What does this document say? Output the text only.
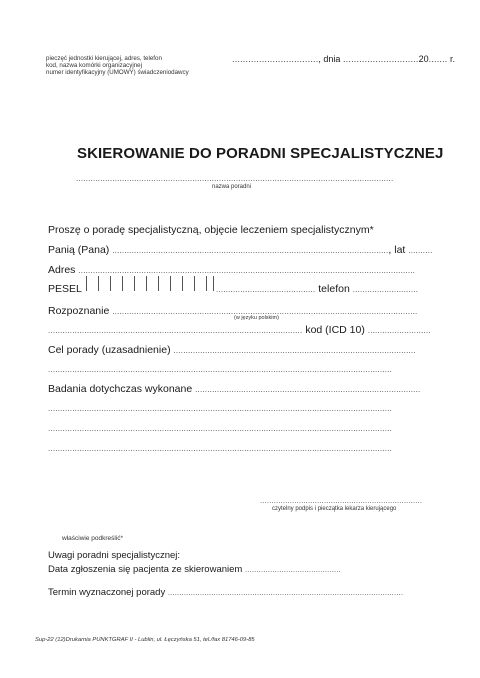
pieczęć jednostki kierującej, adres, telefon
kod, nazwa komórki organizacyjnej
numer identyfikacyjny (UMOWY) świadczeniodawcy
................................, dnia ............................20....... r.
SKIEROWANIE DO PORADNI SPECJALISTYCZNEJ
...................................................................................................................................
nazwa poradni
Proszę o poradę specjalistyczną, objęcie leczeniem specjalistycznym*
Panią (Pana) .................................................................................................................., lat ..........
Adres ...........................................................................................................................................
PESEL	......................................... telefon ...........................
Rozpoznanie ..............................................................................................................................
(w języku polskim)
......................................................................................................... kod (ICD 10) ..........................
Cel porady (uzasadnienie) ....................................................................................................
..............................................................................................................................................
Badania dotychczas wykonane .............................................................................................
..............................................................................................................................................
..............................................................................................................................................
..............................................................................................................................................
.......................................................................
czytelny podpis i pieczątka lekarza kierującego
właściwie podkreślić*
Uwagi poradni specjalistycznej:
Data zgłoszenia się pacjenta ze skierowaniem ..........................................
Termin wyznaczonej porady .......................................................................................................
Sup-22 (12)Drukarnia PUNKTGRAF II - Lublin, ul. Łęczyńska 51, tel./fax 81746-09-85
